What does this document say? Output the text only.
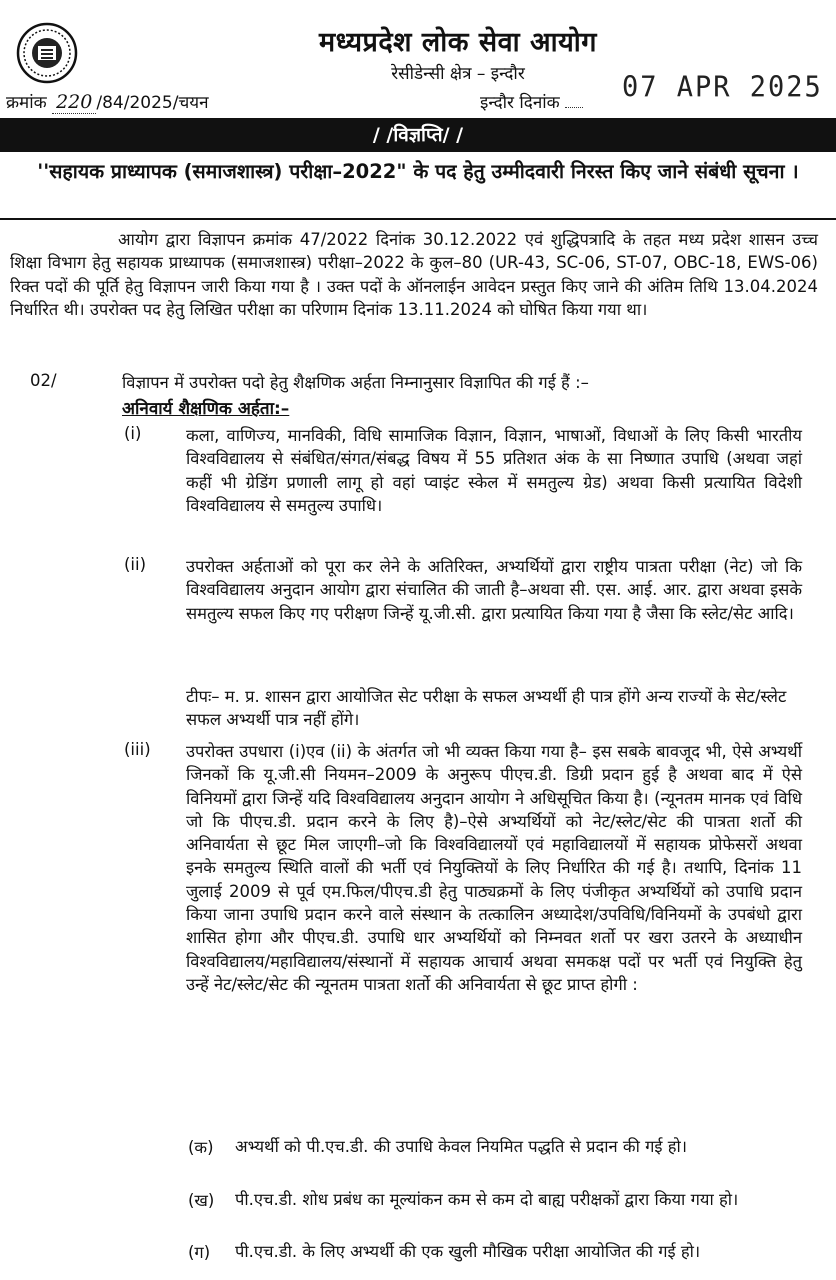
मध्यप्रदेश लोक सेवा आयोग
रेसीडेन्सी क्षेत्र – इन्दौर
क्रमांक 220 /84/2025/चयन	इन्दौर दिनांक	07 APR 2025
/ /विज्ञप्ति/ /
''सहायक प्राध्यापक (समाजशास्त्र) परीक्षा–2022" के पद हेतु उम्मीदवारी निरस्त किए जाने संबंधी सूचना ।
आयोग द्वारा विज्ञापन क्रमांक 47/2022 दिनांक 30.12.2022 एवं शुद्धिपत्रादि के तहत मध्य प्रदेश शासन उच्च शिक्षा विभाग हेतु सहायक प्राध्यापक (समाजशास्त्र) परीक्षा–2022 के कुल–80 (UR-43, SC-06, ST-07, OBC-18, EWS-06) रिक्त पदों की पूर्ति हेतु विज्ञापन जारी किया गया है । उक्त पदों के ऑनलाईन आवेदन प्रस्तुत किए जाने की अंतिम तिथि 13.04.2024 निर्धारित थी। उपरोक्त पद हेतु लिखित परीक्षा का परिणाम दिनांक 13.11.2024 को घोषित किया गया था।
02/	विज्ञापन में उपरोक्त पदो हेतु शैक्षणिक अर्हता निम्नानुसार विज्ञापित की गई हैं :–
अनिवार्य शैक्षणिक अर्हता:–
(i)	कला, वाणिज्य, मानविकी, विधि सामाजिक विज्ञान, विज्ञान, भाषाओं, विधाओं के लिए किसी भारतीय विश्वविद्यालय से संबंधित/संगत/संबद्ध विषय में 55 प्रतिशत अंक के सा निष्णात उपाधि (अथवा जहां कहीं भी ग्रेडिंग प्रणाली लागू हो वहां प्वाइंट स्केल में समतुल्य ग्रेड) अथवा किसी प्रत्यायित विदेशी विश्वविद्यालय से समतुल्य उपाधि।
(ii) उपरोक्त अर्हताओं को पूरा कर लेने के अतिरिक्त, अभ्यर्थियों द्वारा राष्ट्रीय पात्रता परीक्षा (नेट) जो कि विश्वविद्यालय अनुदान आयोग द्वारा संचालित की जाती है–अथवा सी. एस. आई. आर. द्वारा अथवा इसके समतुल्य सफल किए गए परीक्षण जिन्हें यू.जी.सी. द्वारा प्रत्यायित किया गया है जैसा कि स्लेट/सेट आदि।
टीपः– म. प्र. शासन द्वारा आयोजित सेट परीक्षा के सफल अभ्यर्थी ही पात्र होंगे अन्य राज्यों के सेट/स्लेट सफल अभ्यर्थी पात्र नहीं होंगे।
(iii) उपरोक्त उपधारा (i)एव (ii) के अंतर्गत जो भी व्यक्त किया गया है– इस सबके बावजूद भी, ऐसे अभ्यर्थी जिनकों कि यू.जी.सी नियमन–2009 के अनुरूप पीएच.डी. डिग्री प्रदान हुई है अथवा बाद में ऐसे विनियमों द्वारा जिन्हें यदि विश्वविद्यालय अनुदान आयोग ने अधिसूचित किया है। (न्यूनतम मानक एवं विधि जो कि पीएच.डी. प्रदान करने के लिए है)–ऐसे अभ्यर्थियों को नेट/स्लेट/सेट की पात्रता शर्तो की अनिवार्यता से छूट मिल जाएगी–जो कि विश्वविद्यालयों एवं महाविद्यालयों में सहायक प्रोफेसरों अथवा इनके समतुल्य स्थिति वालों की भर्ती एवं नियुक्तियों के लिए निर्धारित की गई है। तथापि, दिनांक 11 जुलाई 2009 से पूर्व एम.फिल/पीएच.डी हेतु पाठ्यक्रमों के लिए पंजीकृत अभ्यर्थियों को उपाधि प्रदान किया जाना उपाधि प्रदान करने वाले संस्थान के तत्कालिन अध्यादेश/उपविधि/विनियमों के उपबंधो द्वारा शासित होगा और पीएच.डी. उपाधि धार अभ्यर्थियों को निम्नवत शर्तो पर खरा उतरने के अध्याधीन विश्वविद्यालय/महाविद्यालय/संस्थानों में सहायक आचार्य अथवा समकक्ष पदों पर भर्ती एवं नियुक्ति हेतु उन्हें नेट/स्लेट/सेट की न्यूनतम पात्रता शर्तो की अनिवार्यता से छूट प्राप्त होगी :
(क) अभ्यर्थी को पी.एच.डी. की उपाधि केवल नियमित पद्धति से प्रदान की गई हो।
(ख) पी.एच.डी. शोध प्रबंध का मूल्यांकन कम से कम दो बाह्य परीक्षकों द्वारा किया गया हो।
(ग) पी.एच.डी. के लिए अभ्यर्थी की एक खुली मौखिक परीक्षा आयोजित की गई हो।
